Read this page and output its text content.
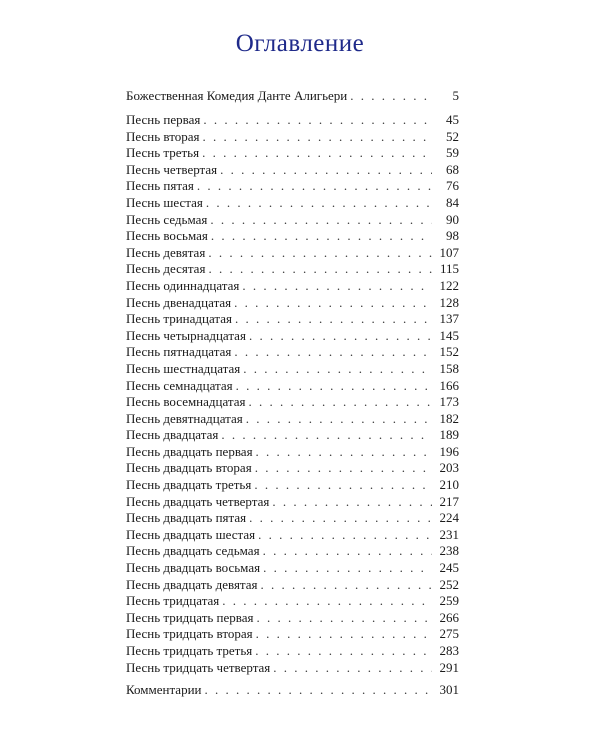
Оглавление
Божественная Комедия Данте Алигьери . . .	5
Песнь первая . . .	45
Песнь вторая . . .	52
Песнь третья . . .	59
Песнь четвертая . . .	68
Песнь пятая . . .	76
Песнь шестая . . .	84
Песнь седьмая . . .	90
Песнь восьмая . . .	98
Песнь девятая . . .	107
Песнь десятая . . .	115
Песнь одиннадцатая . . .	122
Песнь двенадцатая . . .	128
Песнь тринадцатая . . .	137
Песнь четырнадцатая . . .	145
Песнь пятнадцатая . . .	152
Песнь шестнадцатая . . .	158
Песнь семнадцатая . . .	166
Песнь восемнадцатая . . .	173
Песнь девятнадцатая . . .	182
Песнь двадцатая . . .	189
Песнь двадцать первая . . .	196
Песнь двадцать вторая . . .	203
Песнь двадцать третья . . .	210
Песнь двадцать четвертая . . .	217
Песнь двадцать пятая . . .	224
Песнь двадцать шестая . . .	231
Песнь двадцать седьмая . . .	238
Песнь двадцать восьмая . . .	245
Песнь двадцать девятая . . .	252
Песнь тридцатая . . .	259
Песнь тридцать первая . . .	266
Песнь тридцать вторая . . .	275
Песнь тридцать третья . . .	283
Песнь тридцать четвертая . . .	291
Комментарии . . .	301
